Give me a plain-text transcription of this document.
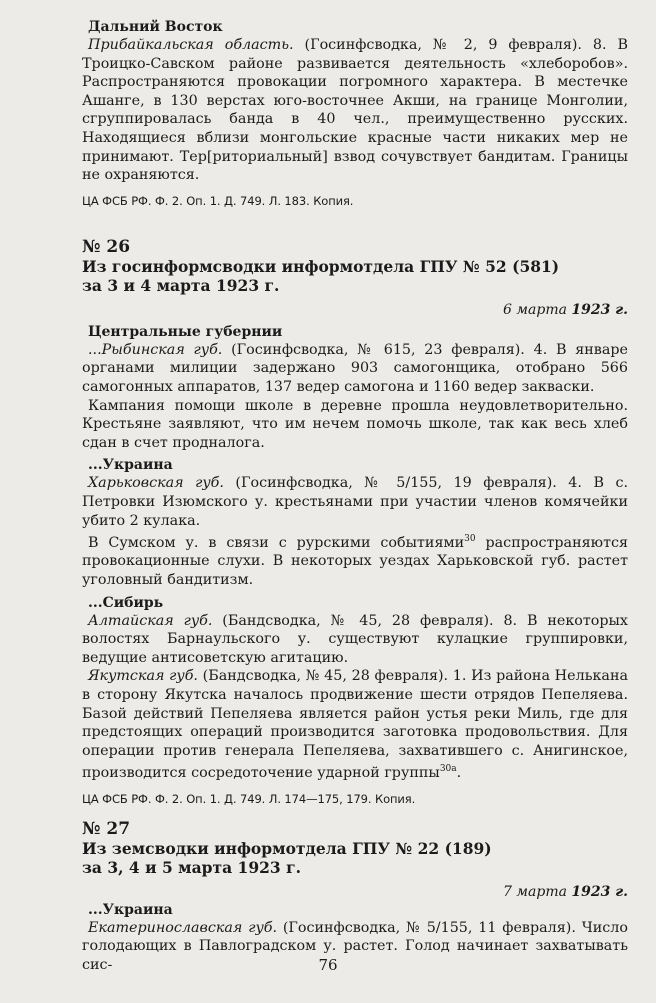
Дальний Восток

Прибайкальская область. (Госинфсводка, № 2, 9 февраля). 8. В Троицко-Савском районе развивается деятельность «хлеборобов». Распространяются провокации погромного характера. В местечке Ашанге, в 130 верстах юго-восточнее Акши, на границе Монголии, сгруппировалась банда в 40 чел., преимущественно русских. Находящиеся вблизи монгольские красные части никаких мер не принимают. Тер[риториальный] взвод сочувствует бандитам. Границы не охраняются.

ЦА ФСБ РФ. Ф. 2. Оп. 1. Д. 749. Л. 183. Копия.

№ 26

Из госинформсводки информотдела ГПУ № 52 (581)

за 3 и 4 марта 1923 г.

6 марта 1923 г.

Центральные губернии

...Рыбинская губ. (Госинфсводка, № 615, 23 февраля). 4. В январе органами милиции задержано 903 самогонщика, отобрано 566 самогонных аппаратов, 137 ведер самогона и 1160 ведер закваски.

Кампания помощи школе в деревне прошла неудовлетворительно. Крестьяне заявляют, что им нечем помочь школе, так как весь хлеб сдан в счет продналога.

...Украина

Харьковская губ. (Госинфсводка, № 5/155, 19 февраля). 4. В с. Петровки Изюмского у. крестьянами при участии членов комячейки убито 2 кулака.

В Сумском у. в связи с рурскими событиями$^{30}$ распространяются провокационные слухи. В некоторых уездах Харьковской губ. растет уголовный бандитизм.

...Сибирь

Алтайская губ. (Бандсводка, № 45, 28 февраля). 8. В некоторых волостях Барнаульского у. существуют кулацкие группировки, ведущие антисоветскую агитацию.

Якутская губ. (Бандсводка, № 45, 28 февраля). 1. Из района Нелькана в сторону Якутска началось продвижение шести отрядов Пепеляева. Базой действий Пепеляева является район устья реки Миль, где для предстоящих операций производится заготовка продовольствия. Для операции против генерала Пепеляева, захватившего с. Анигинское, производится сосредоточение ударной группы$^{30а}$.

ЦА ФСБ РФ. Ф. 2. Оп. 1. Д. 749. Л. 174—175, 179. Копия.

№ 27

Из земсводки информотдела ГПУ № 22 (189)

за 3, 4 и 5 марта 1923 г.

7 марта 1923 г.

...Украина

Екатеринославская губ. (Госинфсводка, № 5/155, 11 февраля). Число голодающих в Павлоградском у. растет. Голод начинает захватывать сис-	76
